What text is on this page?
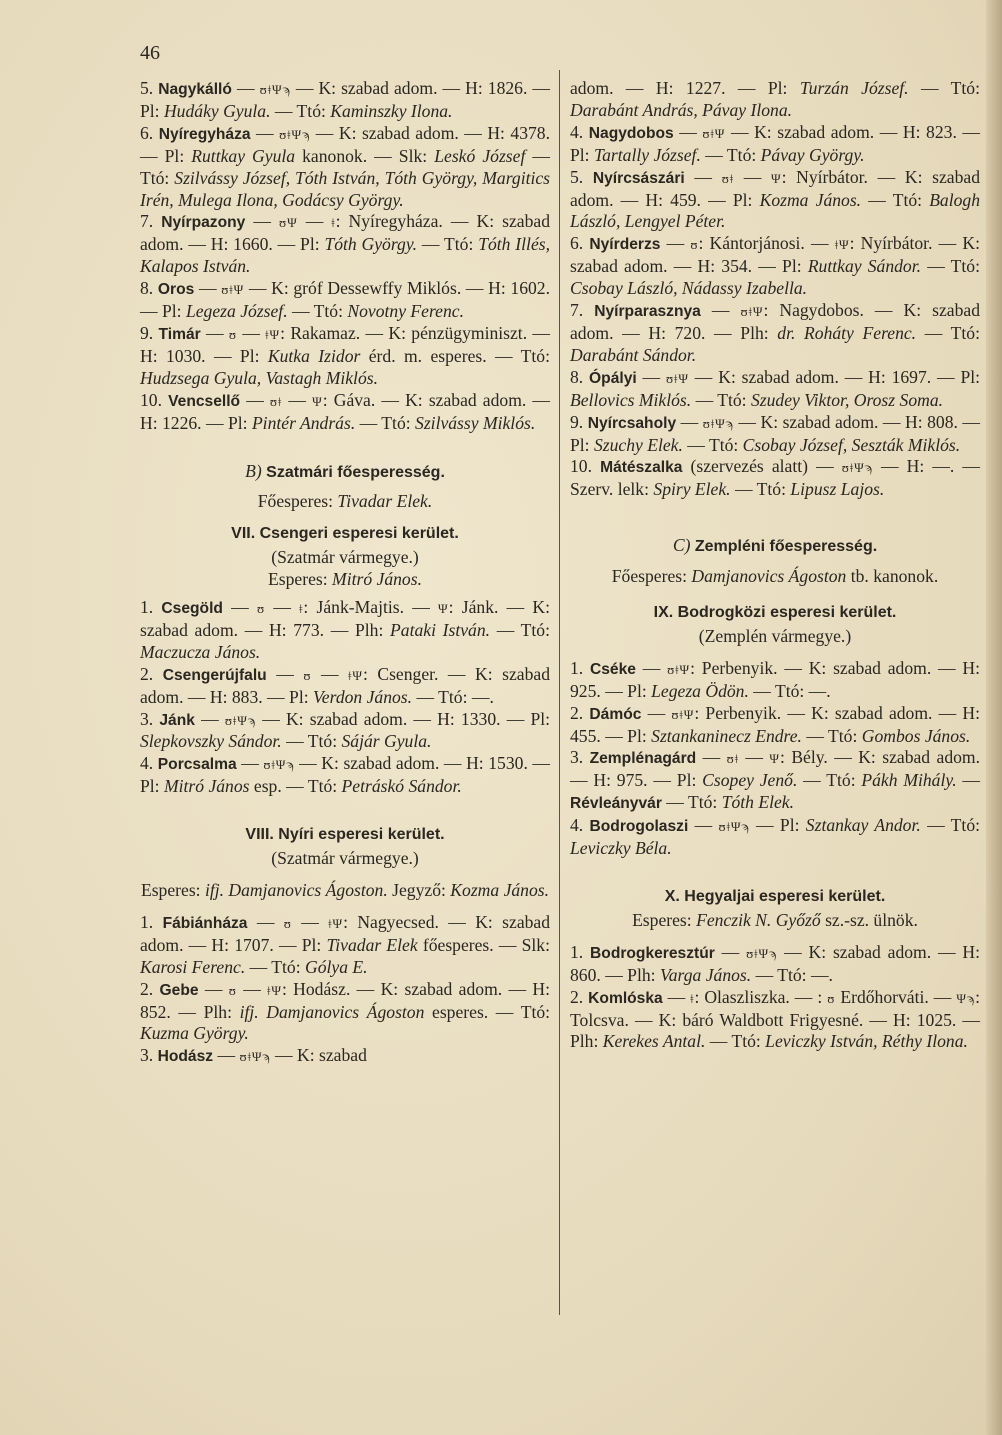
46

5. Nagykálló — ʊǂΨϡ — K: szabad adom. — H: 1826. — Pl: Hudáky Gyula. — Ttó: Kaminszky Ilona.

6. Nyíregyháza — ʊǂΨϡ — K: szabad adom. — H: 4378. — Pl: Ruttkay Gyula kanonok. — Slk: Leskó József — Ttó: Szilvássy József, Tóth István, Tóth György, Margitics Irén, Mulega Ilona, Godácsy György.

7. Nyírpazony — ʊΨ — ǂ: Nyíregyháza. — K: szabad adom. — H: 1660. — Pl: Tóth György. — Ttó: Tóth Illés, Kalapos István.

8. Oros — ʊǂΨ — K: gróf Dessewffy Miklós. — H: 1602. — Pl: Legeza József. — Ttó: Novotny Ferenc.

9. Timár — ʊ — ǂΨ: Rakamaz. — K: pénzügyminiszt. — H: 1030. — Pl: Kutka Izidor érd. m. esperes. — Ttó: Hudzsega Gyula, Vastagh Miklós.

10. Vencsellő — ʊǂ — Ψ: Gáva. — K: szabad adom. — H: 1226. — Pl: Pintér András. — Ttó: Szilvássy Miklós.

B) Szatmári főesperesség.

Főesperes: Tivadar Elek.

VII. Csengeri esperesi kerület.

(Szatmár vármegye.)

Esperes: Mitró János.

1. Csegöld — ʊ — ǂ: Jánk-Majtis. — Ψ: Jánk. — K: szabad adom. — H: 773. — Plh: Pataki István. — Ttó: Maczucza János.

2. Csengerújfalu — ʊ — ǂΨ: Csenger. — K: szabad adom. — H: 883. — Pl: Verdon János. — Ttó: —.

3. Jánk — ʊǂΨϡ — K: szabad adom. — H: 1330. — Pl: Slepkovszky Sándor. — Ttó: Sájár Gyula.

4. Porcsalma — ʊǂΨϡ — K: szabad adom. — H: 1530. — Pl: Mitró János esp. — Ttó: Petráskó Sándor.

VIII. Nyíri esperesi kerület.

(Szatmár vármegye.)

Esperes: ifj. Damjanovics Ágoston. Jegyző: Kozma János.

1. Fábiánháza — ʊ — ǂΨ: Nagyecsed. — K: szabad adom. — H: 1707. — Pl: Tivadar Elek főesperes. — Slk: Karosi Ferenc. — Ttó: Gólya E.

2. Gebe — ʊ — ǂΨ: Hodász. — K: szabad adom. — H: 852. — Plh: ifj. Damjanovics Ágoston esperes. — Ttó: Kuzma György.

3. Hodász — ʊǂΨϡ — K: szabad

adom. — H: 1227. — Pl: Turzán József. — Ttó: Darabánt András, Pávay Ilona.

4. Nagydobos — ʊǂΨ — K: szabad adom. — H: 823. — Pl: Tartally József. — Ttó: Pávay György.

5. Nyírcsászári — ʊǂ — Ψ: Nyírbátor. — K: szabad adom. — H: 459. — Pl: Kozma János. — Ttó: Balogh László, Lengyel Péter.

6. Nyírderzs — ʊ: Kántorjánosi. — ǂΨ: Nyírbátor. — K: szabad adom. — H: 354. — Pl: Ruttkay Sándor. — Ttó: Csobay László, Nádassy Izabella.

7. Nyírparasznya — ʊǂΨ: Nagydobos. — K: szabad adom. — H: 720. — Plh: dr. Roháty Ferenc. — Ttó: Darabánt Sándor.

8. Ópályi — ʊǂΨ — K: szabad adom. — H: 1697. — Pl: Bellovics Miklós. — Ttó: Szudey Viktor, Orosz Soma.

9. Nyírcsaholy — ʊǂΨϡ — K: szabad adom. — H: 808. — Pl: Szuchy Elek. — Ttó: Csobay József, Seszták Miklós.

10. Mátészalka (szervezés alatt) — ʊǂΨϡ — H: —. — Szerv. lelk: Spiry Elek. — Ttó: Lipusz Lajos.

C) Zempléni főesperesség.

Főesperes: Damjanovics Ágoston tb. kanonok.

IX. Bodrogközi esperesi kerület.

(Zemplén vármegye.)

1. Cséke — ʊǂΨ: Perbenyik. — K: szabad adom. — H: 925. — Pl: Legeza Ödön. — Ttó: —.

2. Dámóc — ʊǂΨ: Perbenyik. — K: szabad adom. — H: 455. — Pl: Sztankaninecz Endre. — Ttó: Gombos János.

3. Zemplénagárd — ʊǂ — Ψ: Bély. — K: szabad adom. — H: 975. — Pl: Csopey Jenő. — Ttó: Pákh Mihály. — Révleányvár — Ttó: Tóth Elek.

4. Bodrogolaszi — ʊǂΨϡ — Pl: Sztankay Andor. — Ttó: Leviczky Béla.

X. Hegyaljai esperesi kerület.

Esperes: Fenczik N. Győző sz.-sz. ülnök.

1. Bodrogkeresztúr — ʊǂΨϡ — K: szabad adom. — H: 860. — Plh: Varga János. — Ttó: —.

2. Komlóska — ǂ: Olaszliszka. — : ʊ Erdőhorváti. — Ψϡ: Tolcsva. — K: báró Waldbott Frigyesné. — H: 1025. — Plh: Kerekes Antal. — Ttó: Leviczky István, Réthy Ilona.
